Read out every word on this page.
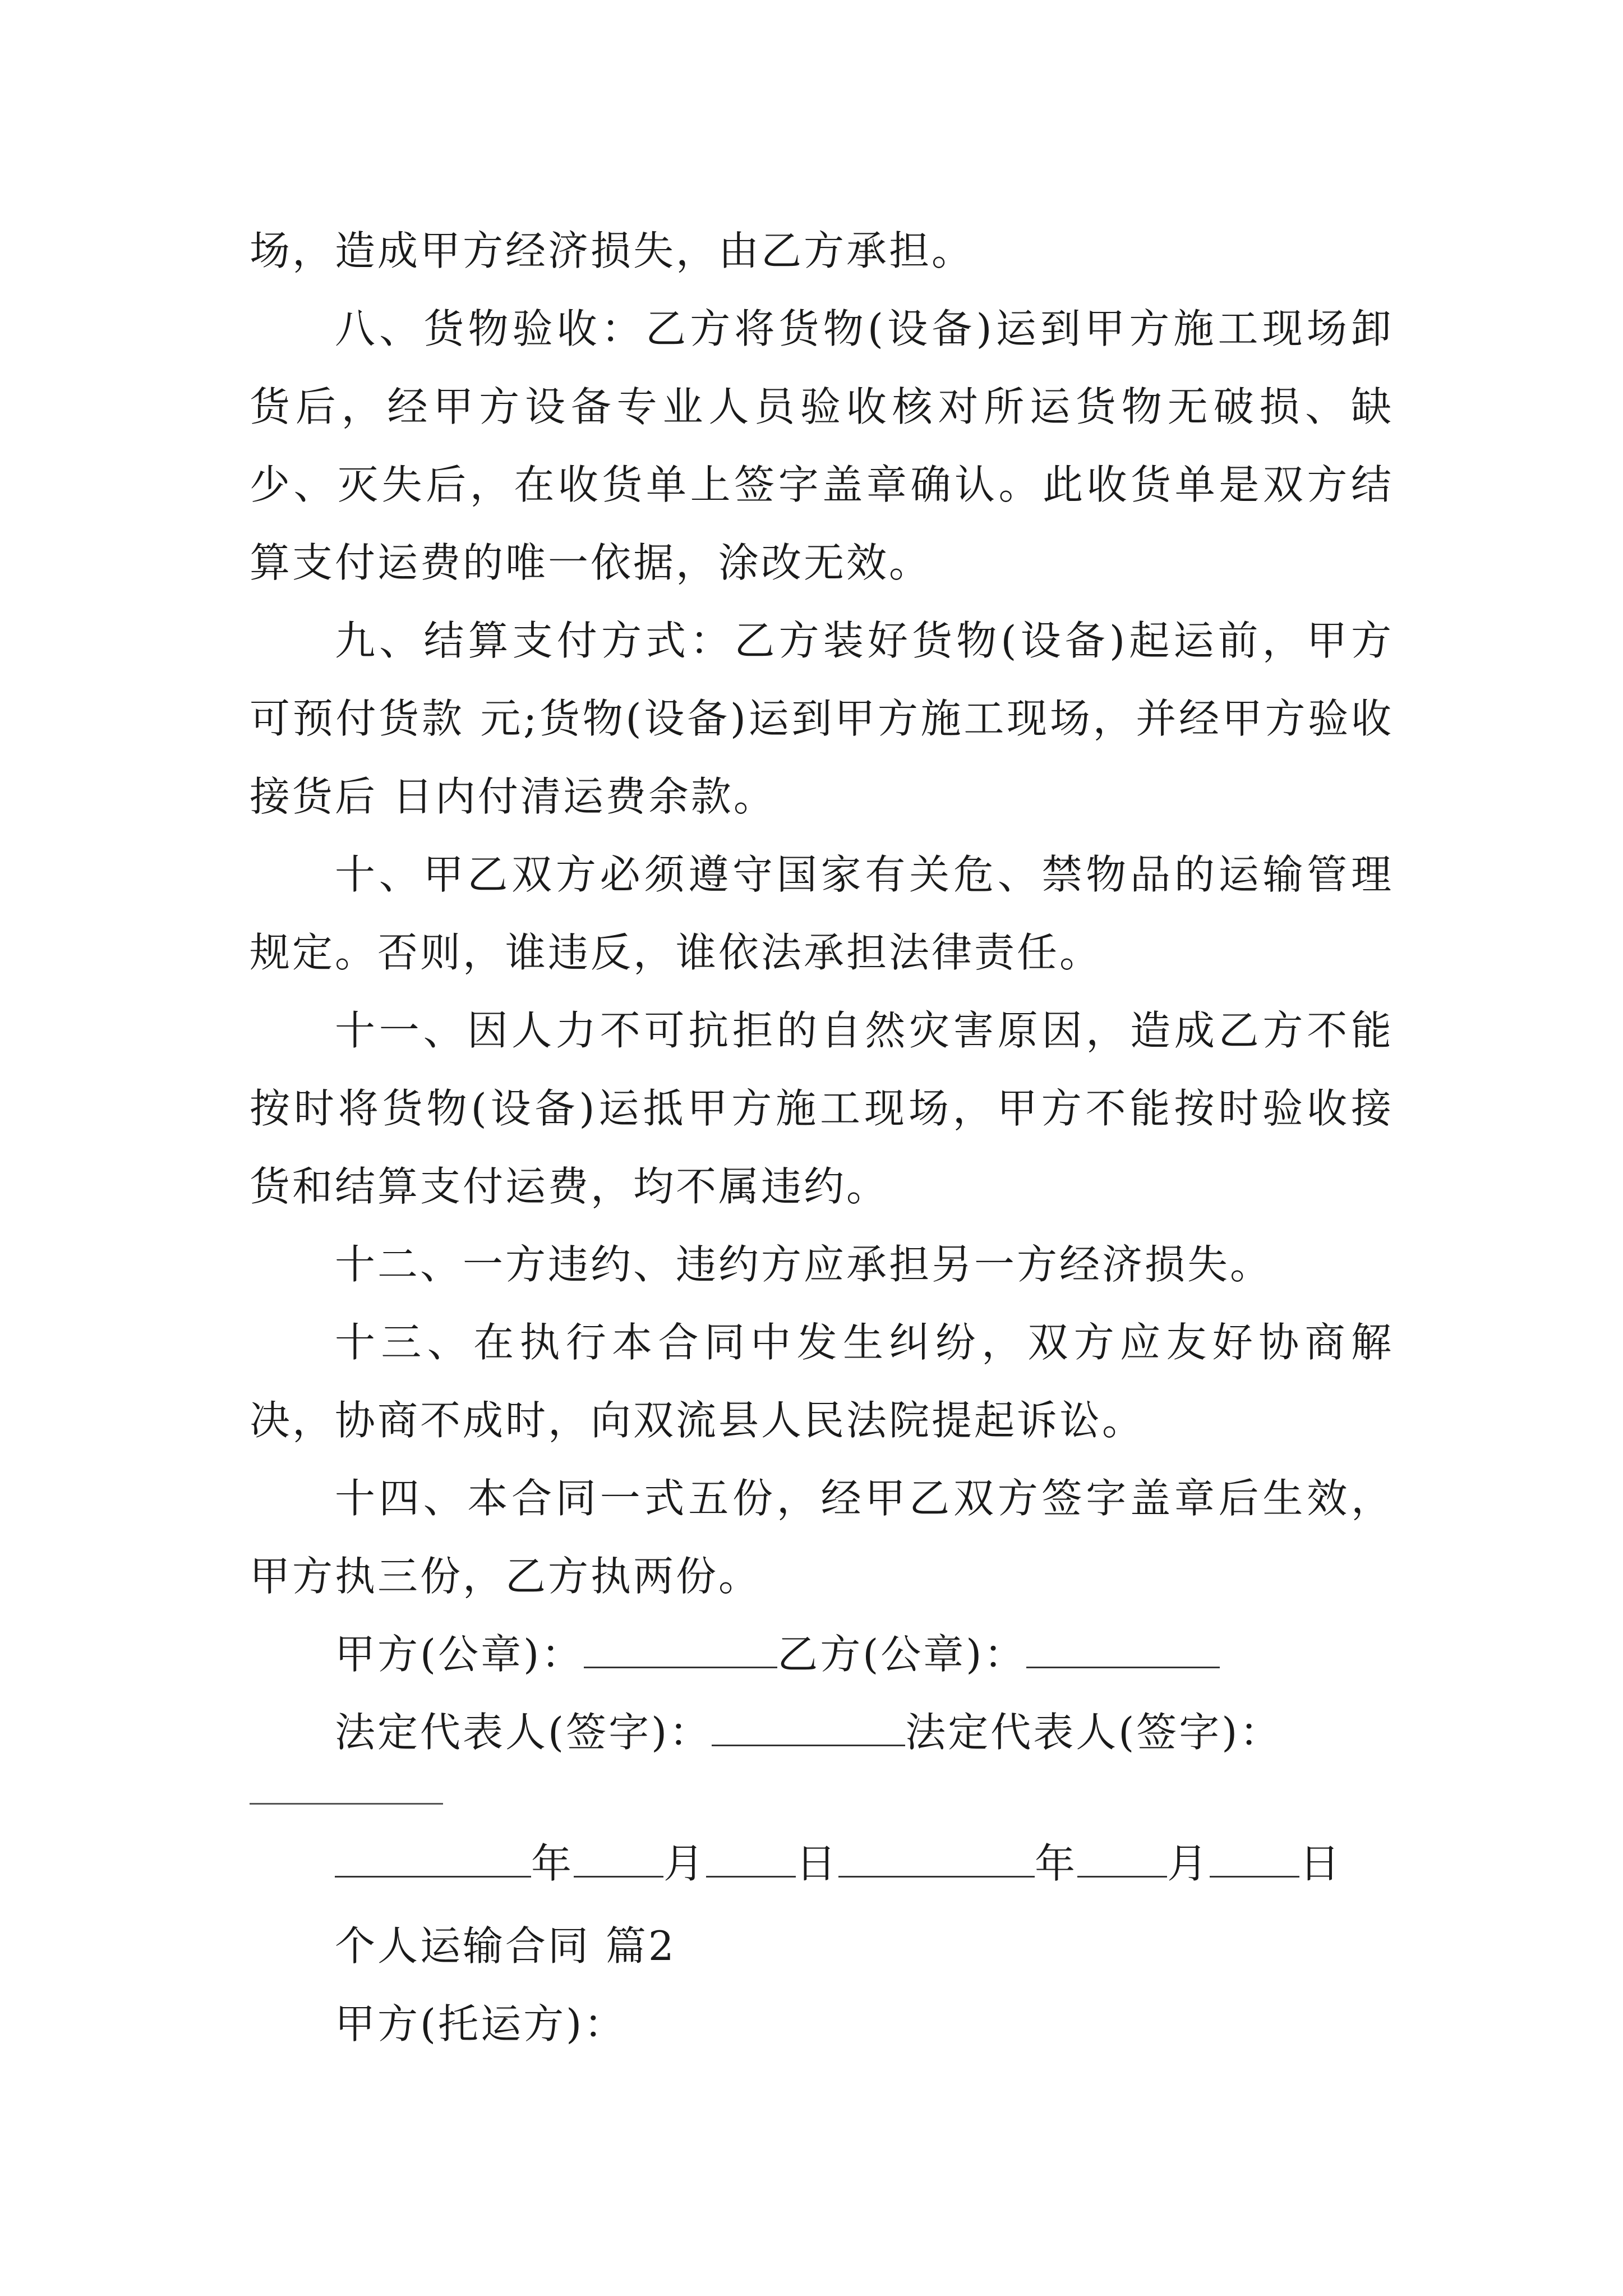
场，造成甲方经济损失，由乙方承担。

八、货物验收：乙方将货物(设备)运到甲方施工现场卸货后，经甲方设备专业人员验收核对所运货物无破损、缺少、灭失后，在收货单上签字盖章确认。此收货单是双方结算支付运费的唯一依据，涂改无效。

九、结算支付方式：乙方装好货物(设备)起运前，甲方可预付货款 元;货物(设备)运到甲方施工现场，并经甲方验收接货后 日内付清运费余款。

十、甲乙双方必须遵守国家有关危、禁物品的运输管理规定。否则，谁违反，谁依法承担法律责任。

十一、因人力不可抗拒的自然灾害原因，造成乙方不能按时将货物(设备)运抵甲方施工现场，甲方不能按时验收接货和结算支付运费，均不属违约。

十二、一方违约、违约方应承担另一方经济损失。

十三、在执行本合同中发生纠纷，双方应友好协商解决，协商不成时，向双流县人民法院提起诉讼。

十四、本合同一式五份，经甲乙双方签字盖章后生效，甲方执三份，乙方执两份。

甲方(公章)：	乙方(公章)：
法定代表人(签字)：	法定代表人(签字)：
年 月 日	年 月 日
个人运输合同 篇2
甲方(托运方)：
